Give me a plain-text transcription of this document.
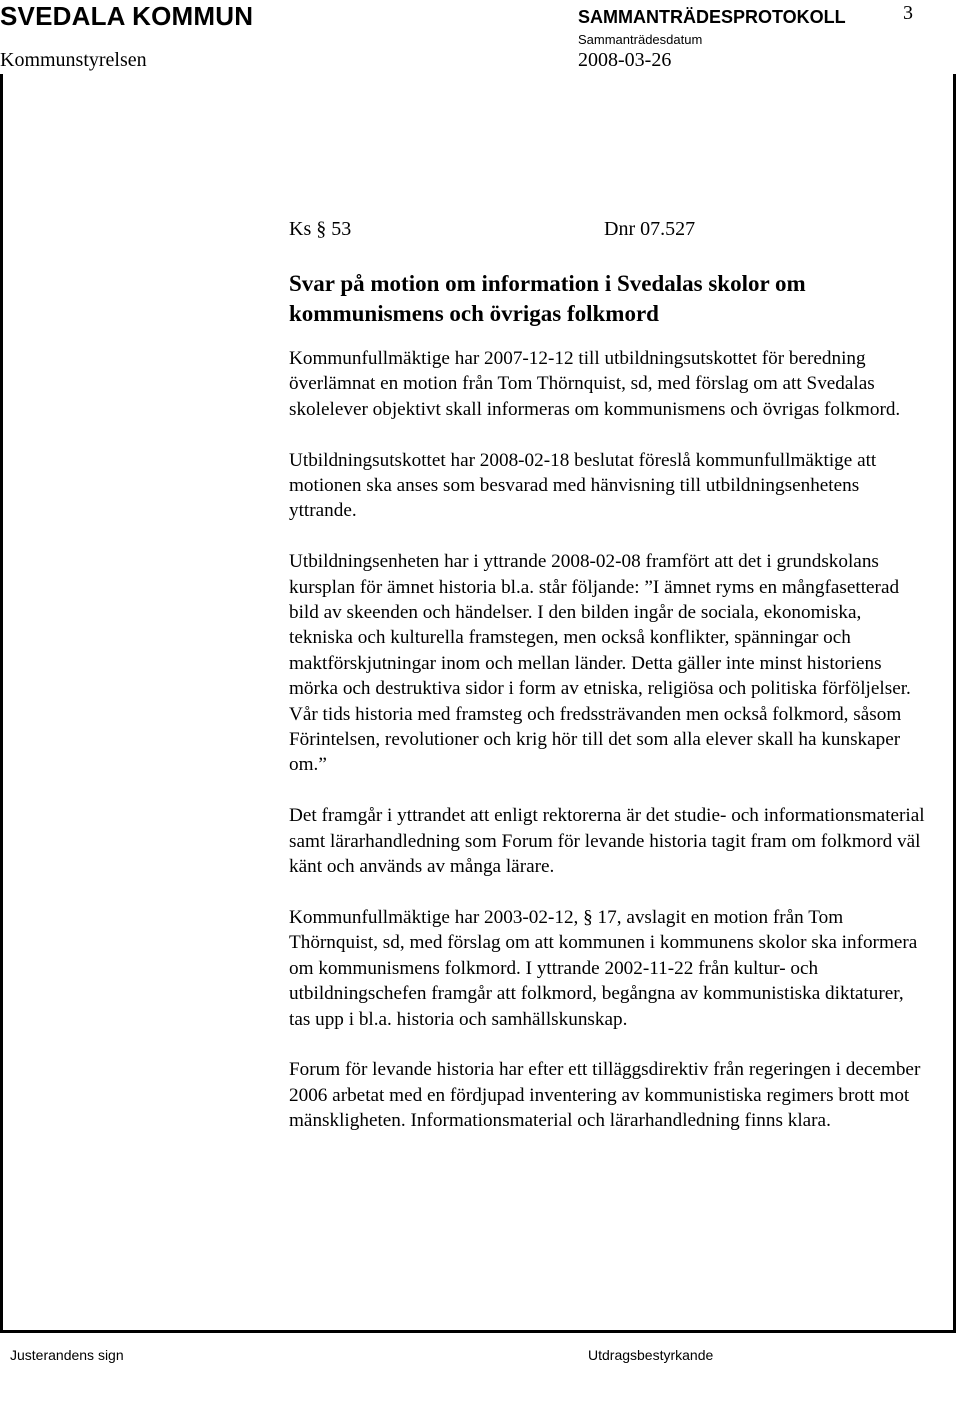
SVEDALA KOMMUN	SAMMANTRÄDESPROTOKOLL	3
Kommunstyrelsen
Sammanträdesdatum
2008-03-26
Ks § 53	Dnr 07.527
Svar på motion om information i Svedalas skolor om kommunismens och övrigas folkmord

Kommunfullmäktige har 2007-12-12 till utbildningsutskottet för beredning överlämnat en motion från Tom Thörnquist, sd, med förslag om att Svedalas skolelever objektivt skall informeras om kommunismens och övrigas folkmord.

Utbildningsutskottet har 2008-02-18 beslutat föreslå kommunfullmäktige att motionen ska anses som besvarad med hänvisning till utbildningsenhetens yttrande.

Utbildningsenheten har i yttrande 2008-02-08 framfört att det i grundskolans kursplan för ämnet historia bl.a. står följande: ”I ämnet ryms en mångfasetterad bild av skeenden och händelser. I den bilden ingår de sociala, ekonomiska, tekniska och kulturella framstegen, men också konflikter, spänningar och maktförskjutningar inom och mellan länder. Detta gäller inte minst historiens mörka och destruktiva sidor i form av etniska, religiösa och politiska förföljelser. Vår tids historia med framsteg och fredssträvanden men också folkmord, såsom Förintelsen, revolutioner och krig hör till det som alla elever skall ha kunskaper om.”

Det framgår i yttrandet att enligt rektorerna är det studie- och informationsmaterial samt lärarhandledning som Forum för levande historia tagit fram om folkmord väl känt och används av många lärare.

Kommunfullmäktige har 2003-02-12, § 17, avslagit en motion från Tom Thörnquist, sd, med förslag om att kommunen i kommunens skolor ska informera om kommunismens folkmord. I yttrande 2002-11-22 från kultur- och utbildningschefen framgår att folkmord, begångna av kommunistiska diktaturer, tas upp i bl.a. historia och samhällskunskap.

Forum för levande historia har efter ett tilläggsdirektiv från regeringen i december 2006 arbetat med en fördjupad inventering av kommunistiska regimers brott mot mänskligheten. Informationsmaterial och lärarhandledning finns klara.

Justerandens sign	Utdragsbestyrkande
